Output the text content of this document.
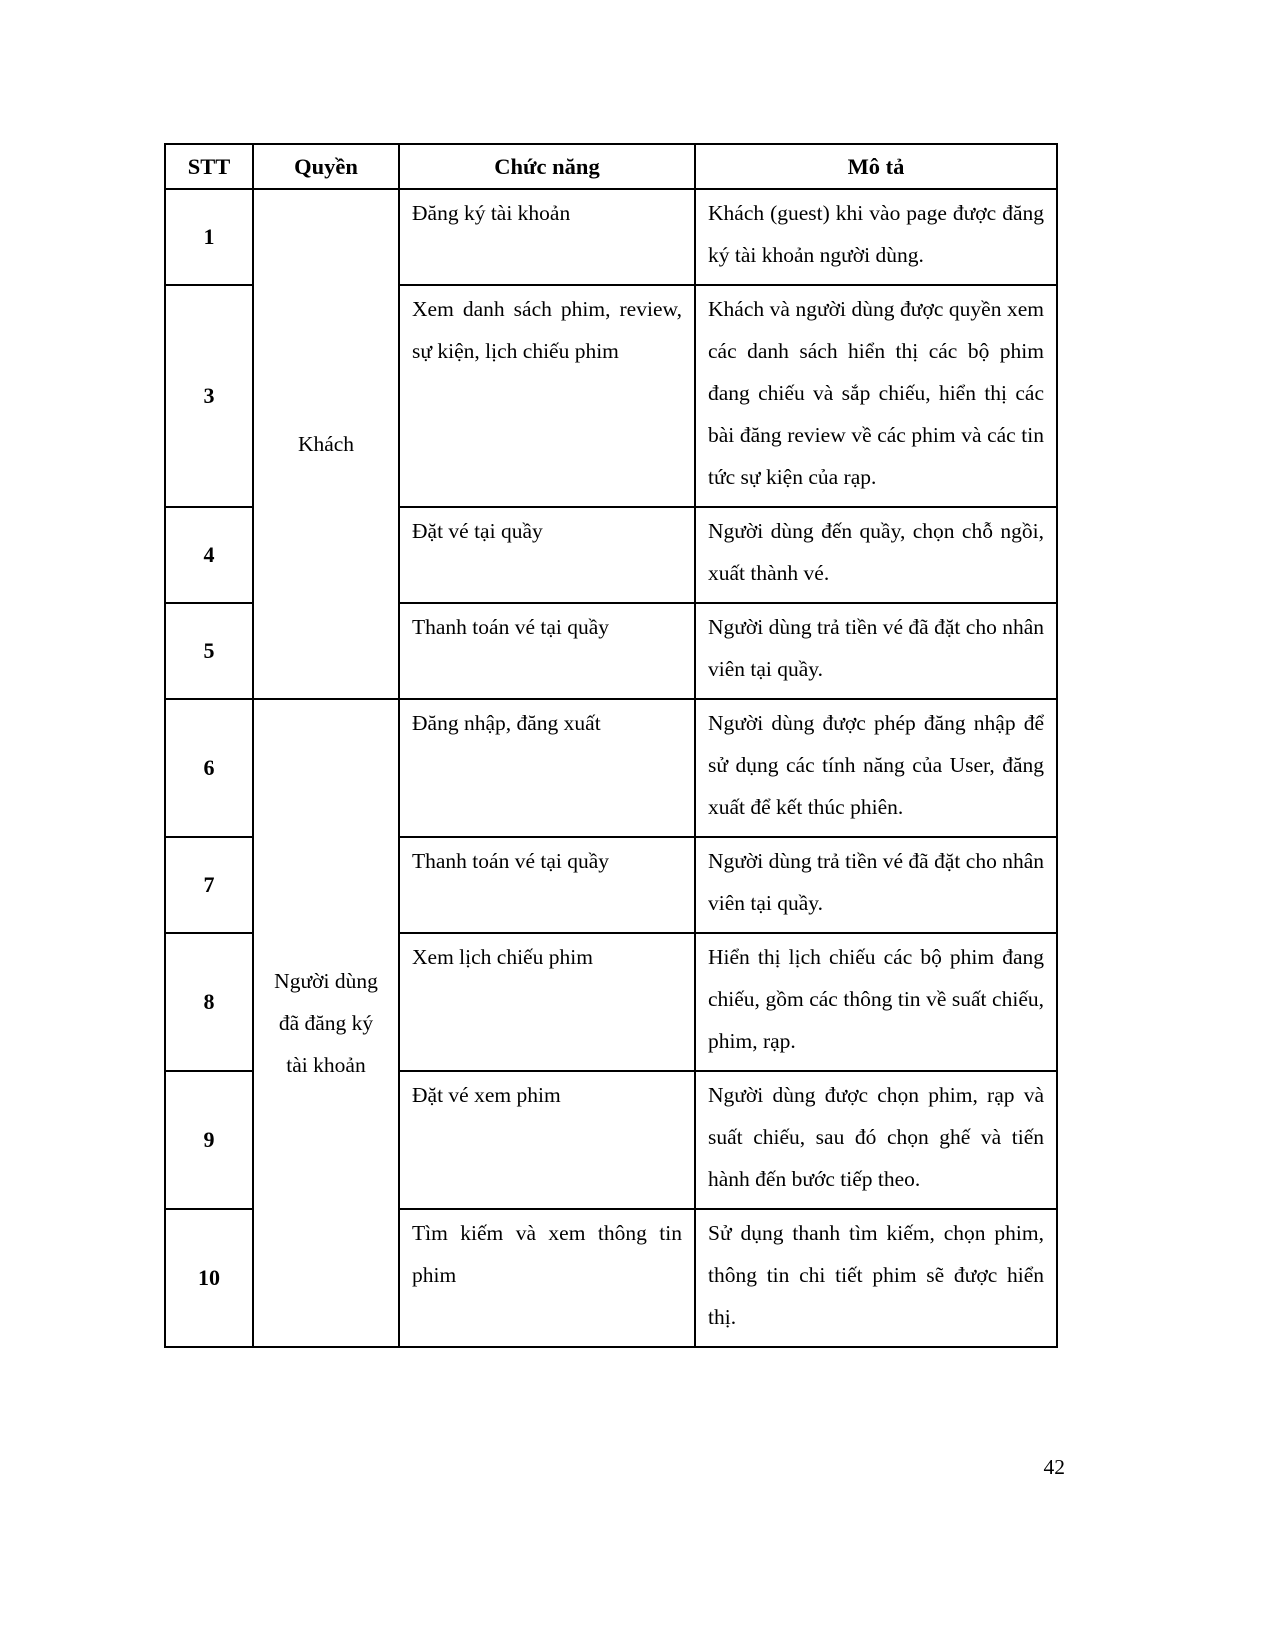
STT	Quyền	Chức năng	Mô tả
1	Khách	Đăng ký tài khoản	Khách (guest) khi vào page được đăng ký tài khoản người dùng.
3		Xem danh sách phim, review, sự kiện, lịch chiếu phim	Khách và người dùng được quyền xem các danh sách hiển thị các bộ phim đang chiếu và sắp chiếu, hiển thị các bài đăng review về các phim và các tin tức sự kiện của rạp.
4		Đặt vé tại quầy	Người dùng đến quầy, chọn chỗ ngồi, xuất thành vé.
5		Thanh toán vé tại quầy	Người dùng trả tiền vé đã đặt cho nhân viên tại quầy.
6	Người dùng đã đăng ký tài khoản	Đăng nhập, đăng xuất	Người dùng được phép đăng nhập để sử dụng các tính năng của User, đăng xuất để kết thúc phiên.
7		Thanh toán vé tại quầy	Người dùng trả tiền vé đã đặt cho nhân viên tại quầy.
8		Xem lịch chiếu phim	Hiển thị lịch chiếu các bộ phim đang chiếu, gồm các thông tin về suất chiếu, phim, rạp.
9		Đặt vé xem phim	Người dùng được chọn phim, rạp và suất chiếu, sau đó chọn ghế và tiến hành đến bước tiếp theo.
10		Tìm kiếm và xem thông tin phim	Sử dụng thanh tìm kiếm, chọn phim, thông tin chi tiết phim sẽ được hiển thị.
42
